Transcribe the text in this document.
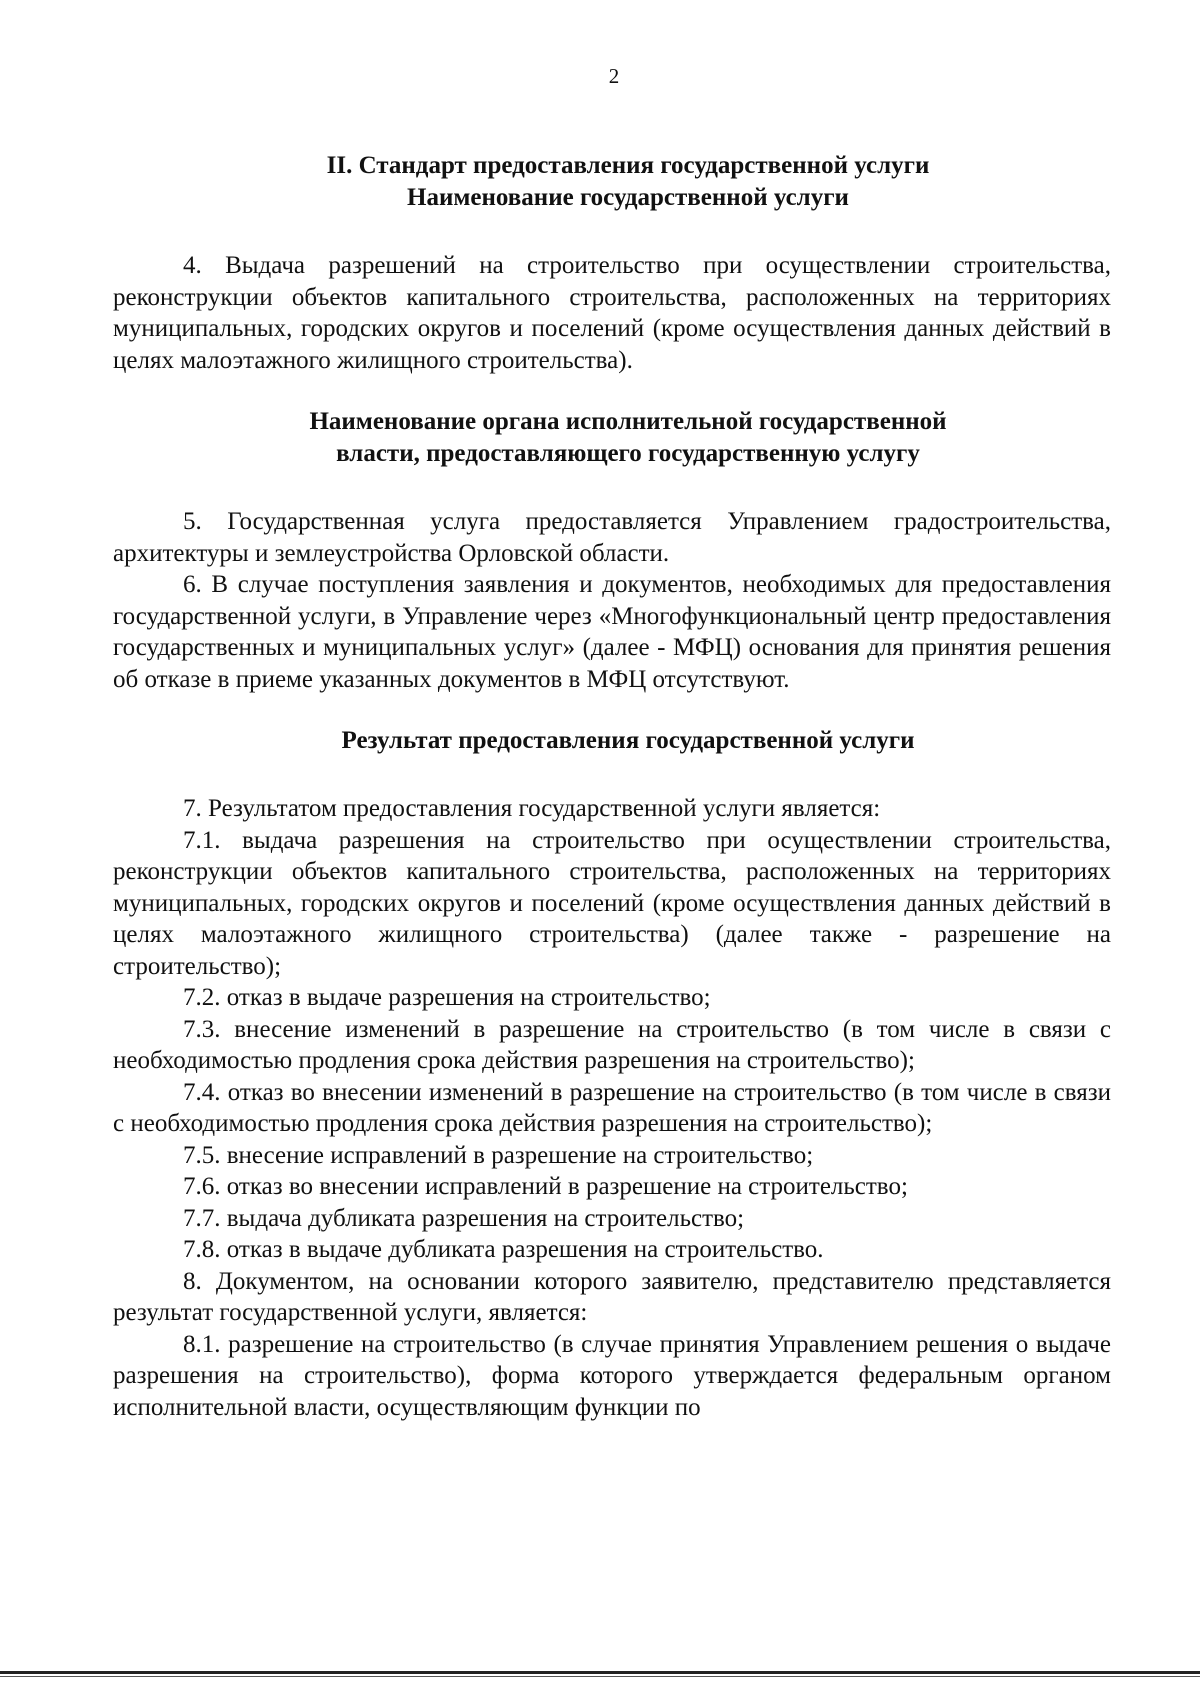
2
II. Стандарт предоставления государственной услуги
Наименование государственной услуги

4. Выдача разрешений на строительство при осуществлении строительства, реконструкции объектов капитального строительства, расположенных на территориях муниципальных, городских округов и поселений (кроме осуществления данных действий в целях малоэтажного жилищного строительства).

Наименование органа исполнительной государственной
власти, предоставляющего государственную услугу

5. Государственная услуга предоставляется Управлением градостроительства, архитектуры и землеустройства Орловской области.

6. В случае поступления заявления и документов, необходимых для предоставления государственной услуги, в Управление через «Многофункциональный центр предоставления государственных и муниципальных услуг» (далее - МФЦ) основания для принятия решения об отказе в приеме указанных документов в МФЦ отсутствуют.

Результат предоставления государственной услуги

7. Результатом предоставления государственной услуги является:

7.1. выдача разрешения на строительство при осуществлении строительства, реконструкции объектов капитального строительства, расположенных на территориях муниципальных, городских округов и поселений (кроме осуществления данных действий в целях малоэтажного жилищного строительства) (далее также - разрешение на строительство);

7.2. отказ в выдаче разрешения на строительство;

7.3. внесение изменений в разрешение на строительство (в том числе в связи с необходимостью продления срока действия разрешения на строительство);

7.4. отказ во внесении изменений в разрешение на строительство (в том числе в связи с необходимостью продления срока действия разрешения на строительство);

7.5. внесение исправлений в разрешение на строительство;

7.6. отказ во внесении исправлений в разрешение на строительство;

7.7. выдача дубликата разрешения на строительство;

7.8. отказ в выдаче дубликата разрешения на строительство.

8. Документом, на основании которого заявителю, представителю представляется результат государственной услуги, является:

8.1. разрешение на строительство (в случае принятия Управлением решения о выдаче разрешения на строительство), форма которого утверждается федеральным органом исполнительной власти, осуществляющим функции по
